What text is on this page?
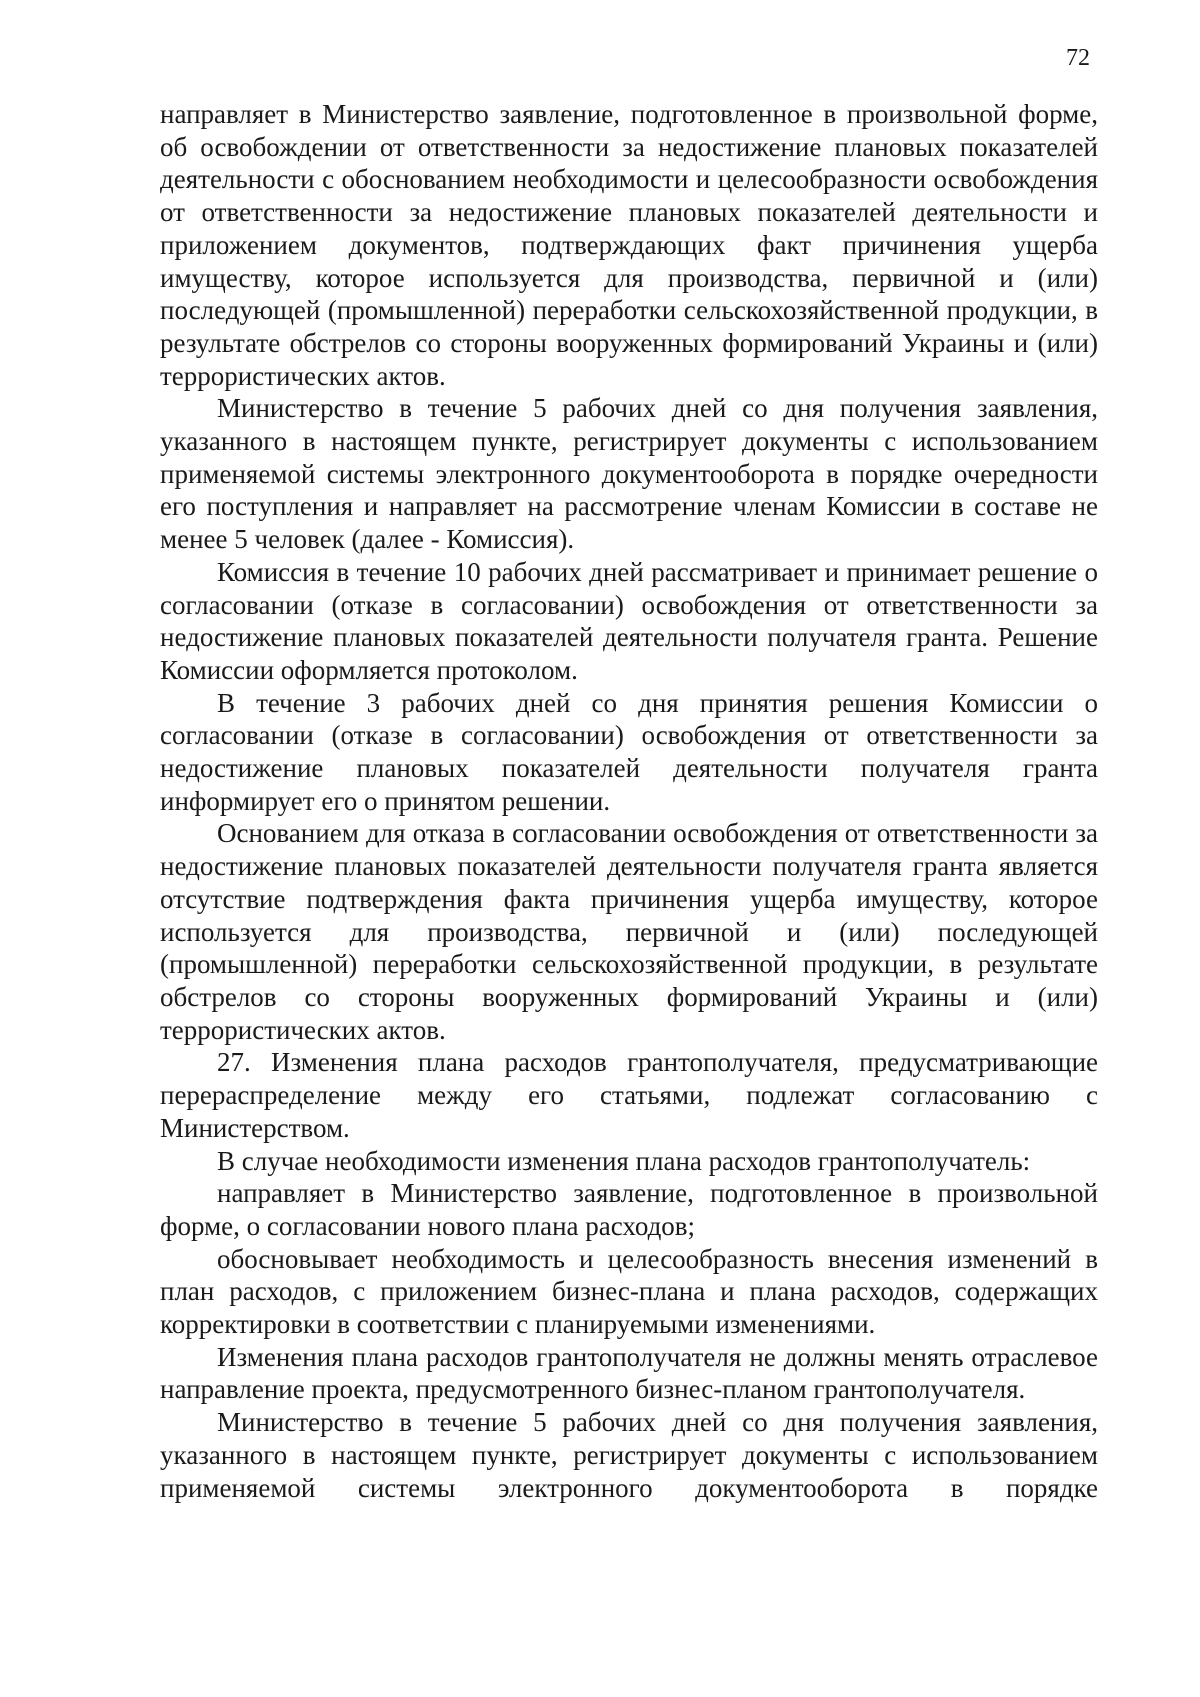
72

направляет в Министерство заявление, подготовленное в произвольной форме, об освобождении от ответственности за недостижение плановых показателей деятельности с обоснованием необходимости и целесообразности освобождения от ответственности за недостижение плановых показателей деятельности и приложением документов, подтверждающих факт причинения ущерба имуществу, которое используется для производства, первичной и (или) последующей (промышленной) переработки сельскохозяйственной продукции, в результате обстрелов со стороны вооруженных формирований Украины и (или) террористических актов.

Министерство в течение 5 рабочих дней со дня получения заявления, указанного в настоящем пункте, регистрирует документы с использованием применяемой системы электронного документооборота в порядке очередности его поступления и направляет на рассмотрение членам Комиссии в составе не менее 5 человек (далее - Комиссия).

Комиссия в течение 10 рабочих дней рассматривает и принимает решение о согласовании (отказе в согласовании) освобождения от ответственности за недостижение плановых показателей деятельности получателя гранта. Решение Комиссии оформляется протоколом.

В течение 3 рабочих дней со дня принятия решения Комиссии о согласовании (отказе в согласовании) освобождения от ответственности за недостижение плановых показателей деятельности получателя гранта информирует его о принятом решении.

Основанием для отказа в согласовании освобождения от ответственности за недостижение плановых показателей деятельности получателя гранта является отсутствие подтверждения факта причинения ущерба имуществу, которое используется для производства, первичной и (или) последующей (промышленной) переработки сельскохозяйственной продукции, в результате обстрелов со стороны вооруженных формирований Украины и (или) террористических актов.

27. Изменения плана расходов грантополучателя, предусматривающие перераспределение между его статьями, подлежат согласованию с Министерством.

В случае необходимости изменения плана расходов грантополучатель:

направляет в Министерство заявление, подготовленное в произвольной форме, о согласовании нового плана расходов;

обосновывает необходимость и целесообразность внесения изменений в план расходов, с приложением бизнес-плана и плана расходов, содержащих корректировки в соответствии с планируемыми изменениями.

Изменения плана расходов грантополучателя не должны менять отраслевое направление проекта, предусмотренного бизнес-планом грантополучателя.

Министерство в течение 5 рабочих дней со дня получения заявления, указанного в настоящем пункте, регистрирует документы с использованием применяемой системы электронного документооборота в порядке
